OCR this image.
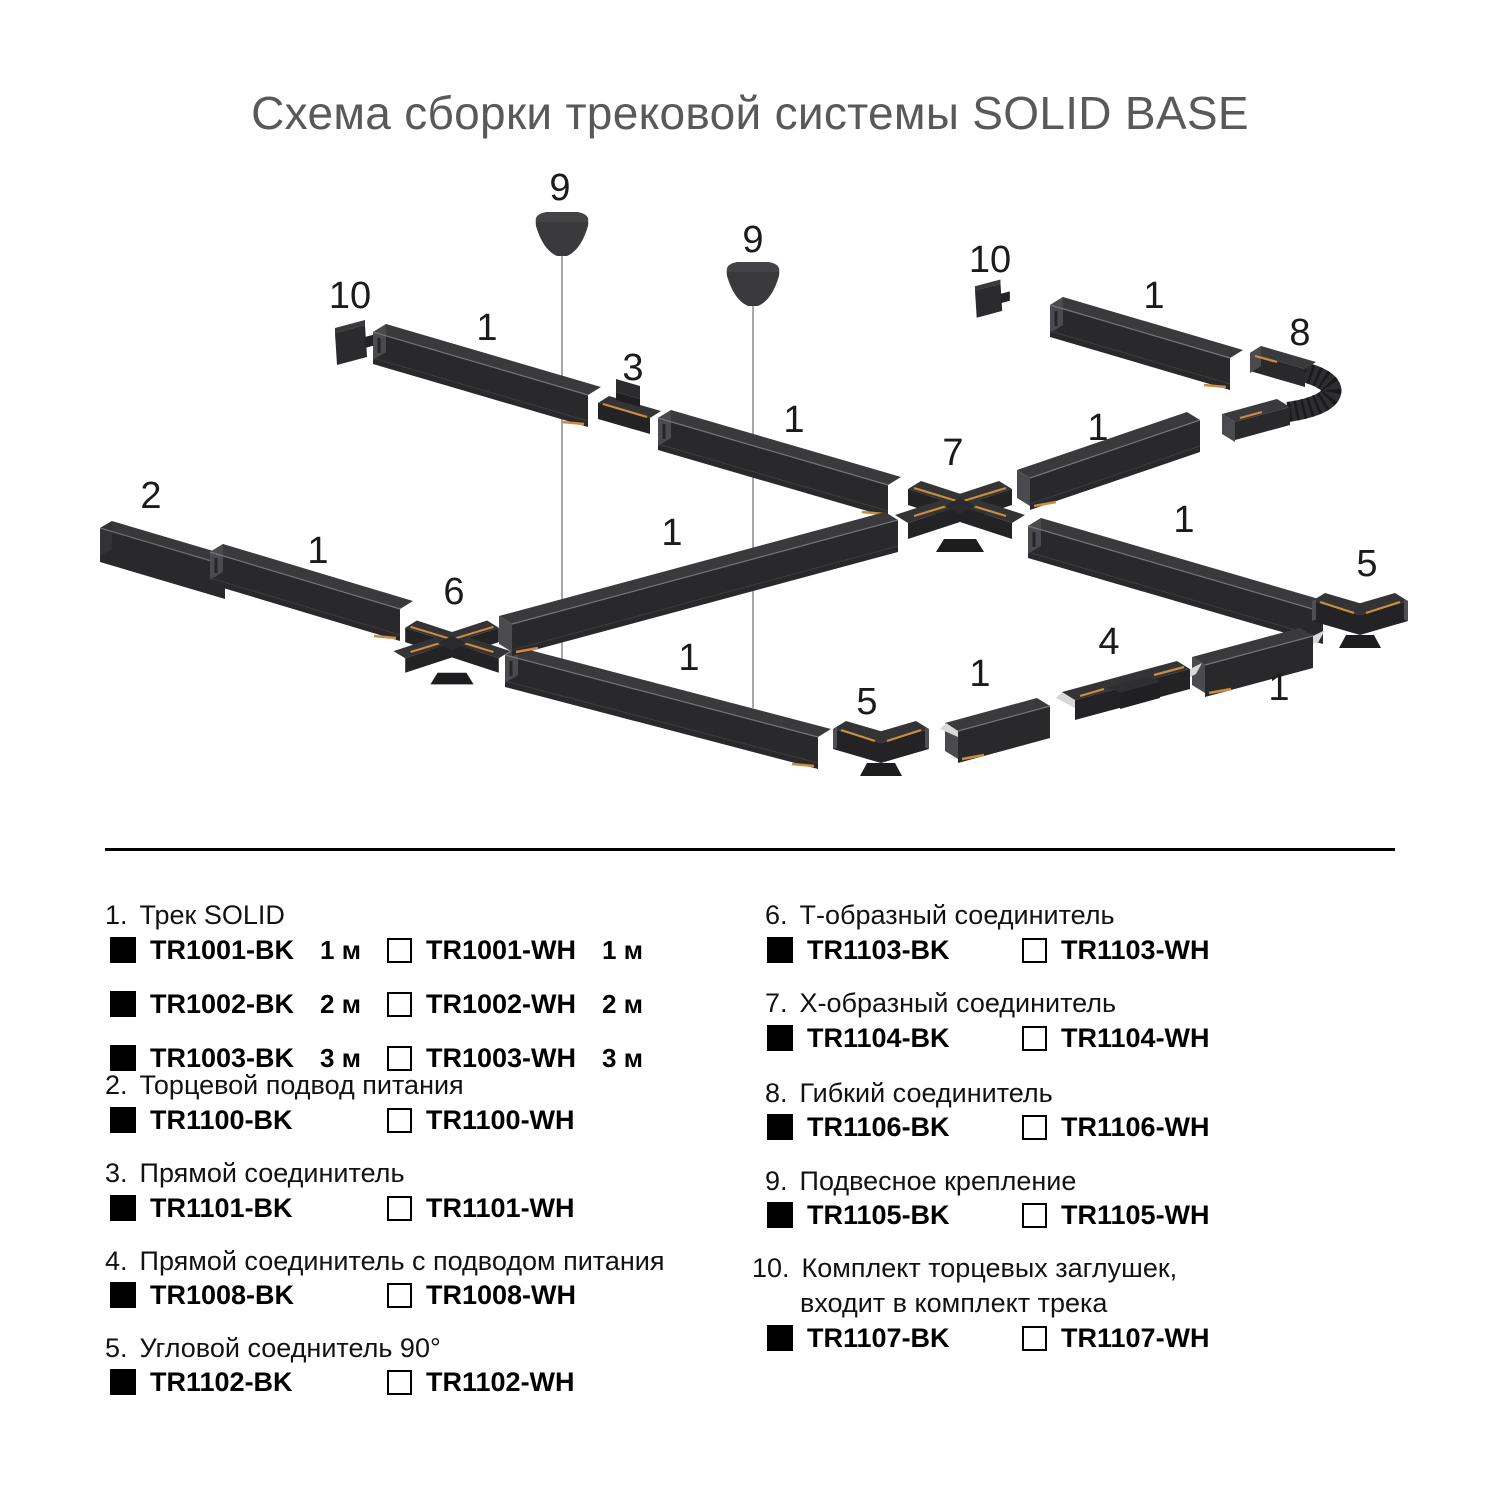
Схема сборки трековой системы SOLID BASE
9
9
10
1
3
1
10
1
8
1
7
2
1
6
1	1
1
5
1
4
1
5
1. Трек SOLID
TR1001-BK 1 м TR1001-WH 1 м
TR1002-BK 2 м TR1002-WH 2 м
TR1003-BK 3 м TR1003-WH 3 м
2. Торцевой подвод питания
TR1100-BK	TR1100-WH
3. Прямой соединитель
TR1101-BK	TR1101-WH
4. Прямой соединитель с подводом питания
TR1008-BK	TR1008-WH
5. Угловой соеднитель 90°
TR1102-BK	TR1102-WH
6. Т-образный соединитель
TR1103-BK	TR1103-WH
7. Х-образный соединитель
TR1104-BK	TR1104-WH
8. Гибкий соединитель
TR1106-BK	TR1106-WH
9. Подвесное крепление
TR1105-BK	TR1105-WH
10. Комплект торцевых заглушек,
входит в комплект трека
TR1107-BK	TR1107-WH
